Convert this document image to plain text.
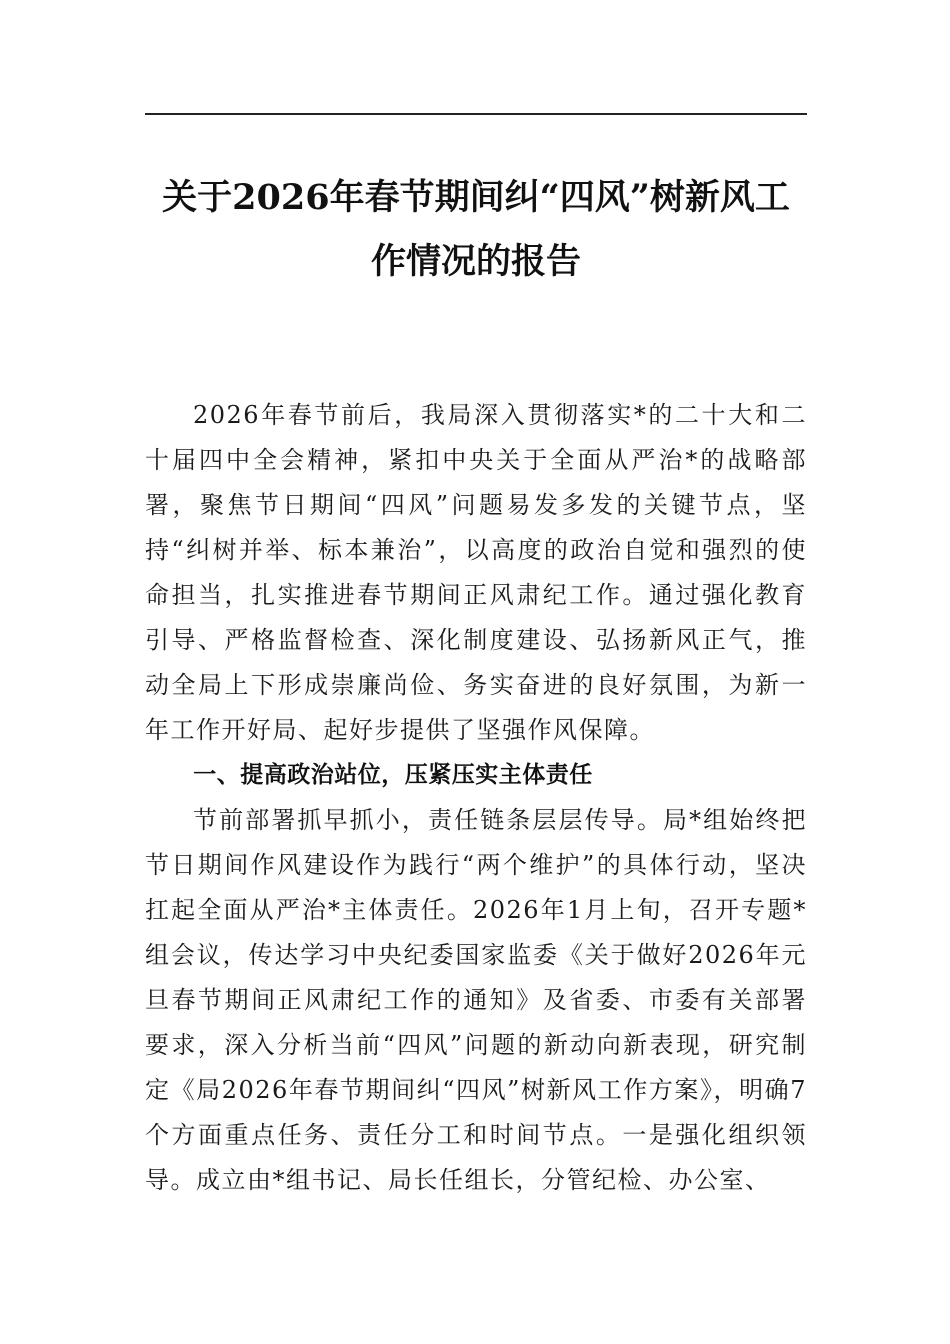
关于2026年春节期间纠“四风”树新风工
作情况的报告

2026年春节前后，我局深入贯彻落实*的二十大和二十届四中全会精神，紧扣中央关于全面从严治*的战略部署，聚焦节日期间“四风”问题易发多发的关键节点，坚持“纠树并举、标本兼治”，以高度的政治自觉和强烈的使命担当，扎实推进春节期间正风肃纪工作。通过强化教育引导、严格监督检查、深化制度建设、弘扬新风正气，推动全局上下形成崇廉尚俭、务实奋进的良好氛围，为新一年工作开好局、起好步提供了坚强作风保障。

一、提高政治站位，压紧压实主体责任

节前部署抓早抓小，责任链条层层传导。局*组始终把节日期间作风建设作为践行“两个维护”的具体行动，坚决扛起全面从严治*主体责任。2026年1月上旬，召开专题*组会议，传达学习中央纪委国家监委《关于做好2026年元旦春节期间正风肃纪工作的通知》及省委、市委有关部署要求，深入分析当前“四风”问题的新动向新表现，研究制定《局2026年春节期间纠“四风”树新风工作方案》，明确7个方面重点任务、责任分工和时间节点。一是强化组织领导。成立由*组书记、局长任组长，分管纪检、办公室、
